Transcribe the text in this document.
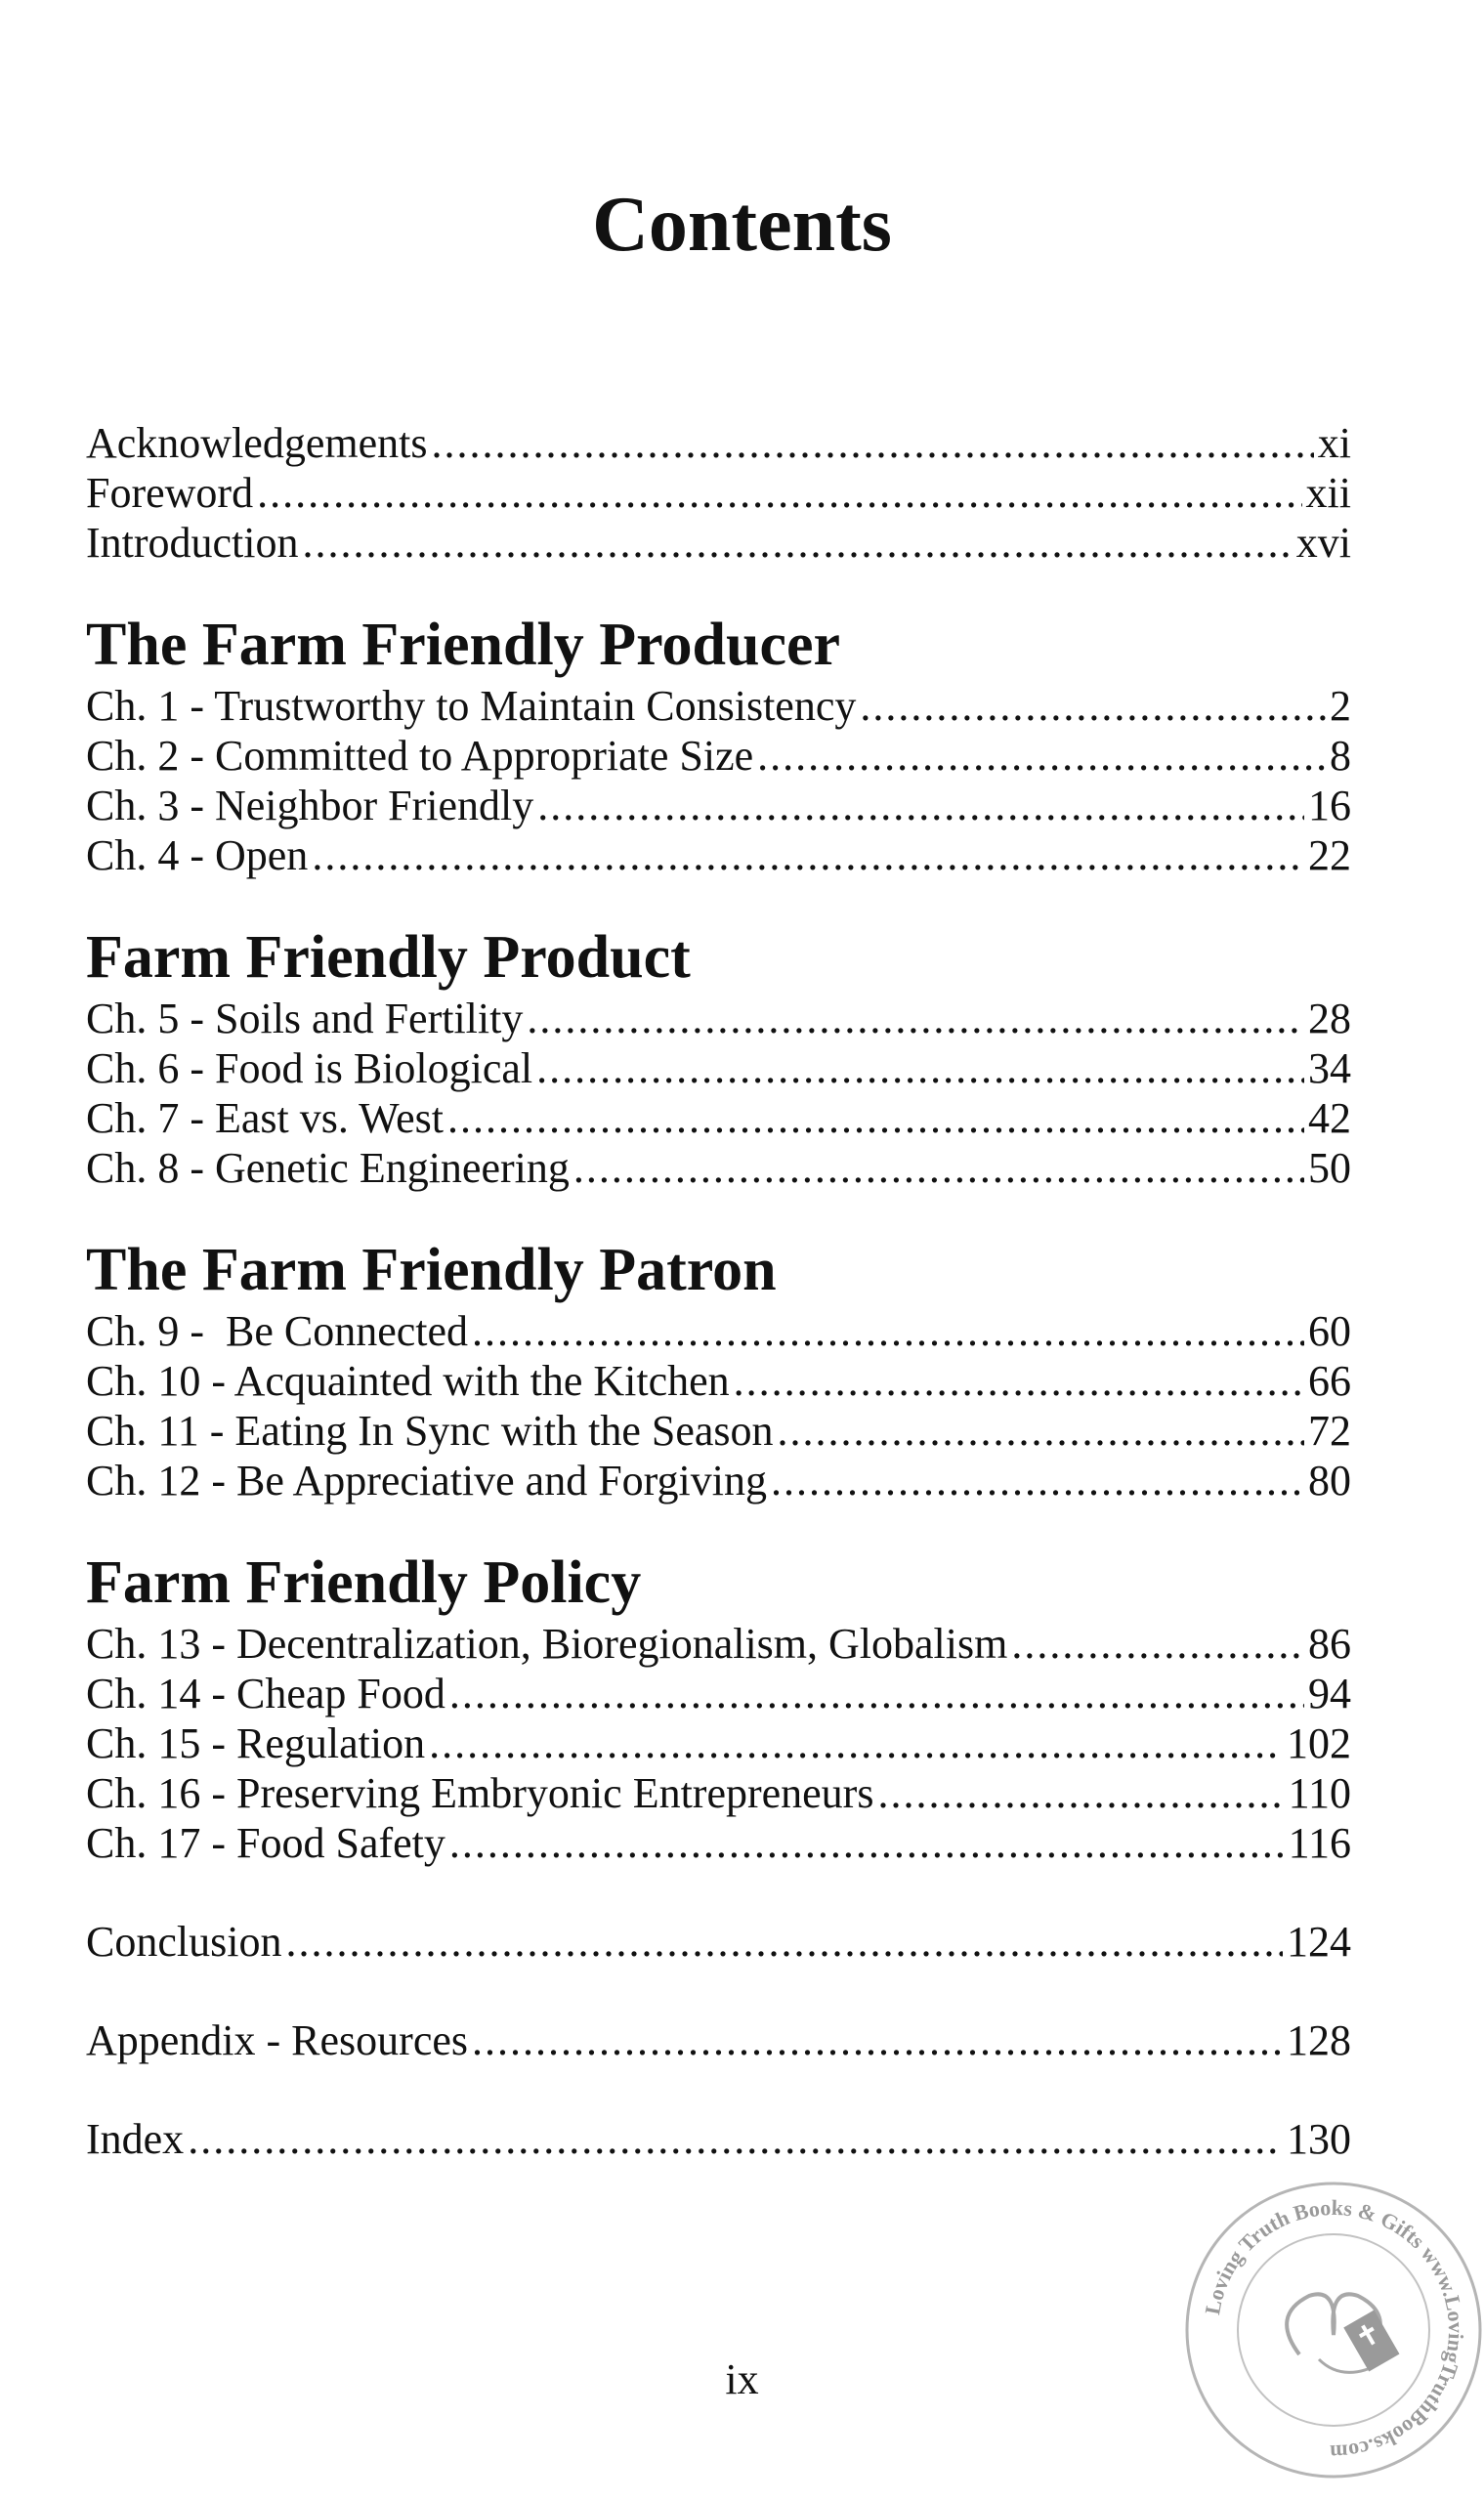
Contents
Acknowledgements .....	xi
Foreword .....	xii
Introduction .....	xvi
The Farm Friendly Producer
Ch. 1 - Trustworthy to Maintain Consistency .....	2
Ch. 2 - Committed to Appropriate Size .....	8
Ch. 3 - Neighbor Friendly .....	16
Ch. 4 - Open .....	22
Farm Friendly Product
Ch. 5 - Soils and Fertility .....	28
Ch. 6 - Food is Biological .....	34
Ch. 7 - East vs. West .....	42
Ch. 8 - Genetic Engineering .....	50
The Farm Friendly Patron
Ch. 9 -  Be Connected .....	60
Ch. 10 - Acquainted with the Kitchen .....	66
Ch. 11 - Eating In Sync with the Season .....	72
Ch. 12 - Be Appreciative and Forgiving .....	80
Farm Friendly Policy
Ch. 13 - Decentralization, Bioregionalism, Globalism .....	86
Ch. 14 - Cheap Food .....	94
Ch. 15 - Regulation .....	102
Ch. 16 - Preserving Embryonic Entrepreneurs .....	110
Ch. 17 - Food Safety .....	116
Conclusion .....	124
Appendix - Resources .....	128
Index .....	130
ix
Loving Truth Books & Gifts www.LovingTruthBooks.com
